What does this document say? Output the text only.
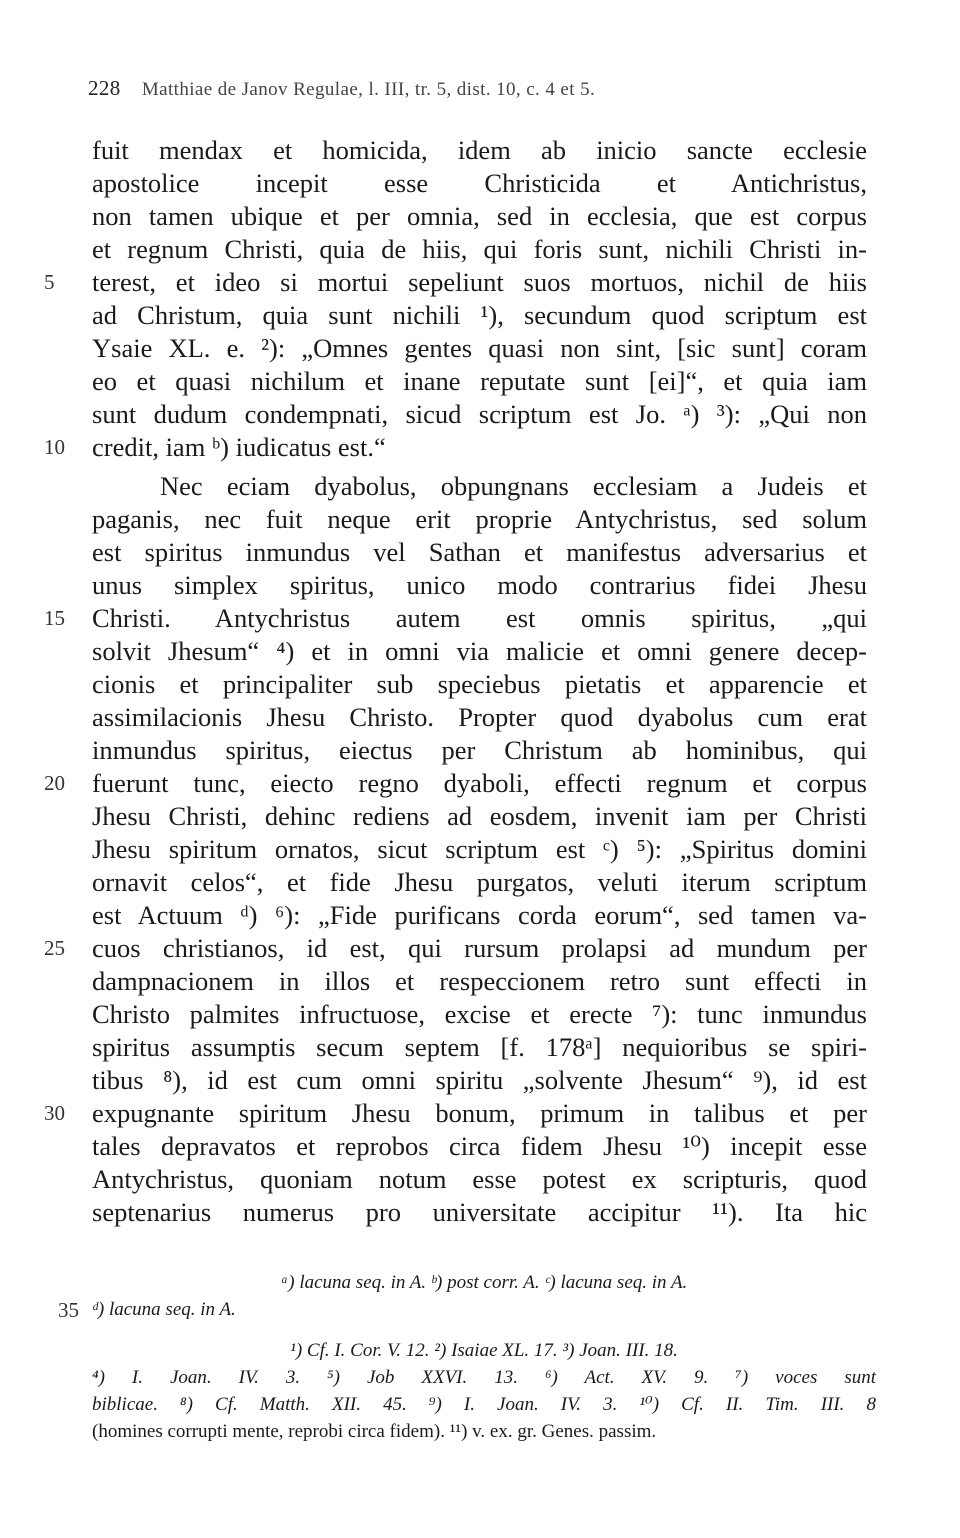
228 Matthiae de Janov Regulae, l. III, tr. 5, dist. 10, c. 4 et 5.
fuit mendax et homicida, idem ab inicio sancte ecclesie
apostolice incepit esse Christicida et Antichristus,
non tamen ubique et per omnia, sed in ecclesia, que est corpus
et regnum Christi, quia de hiis, qui foris sunt, nichili Christi in-
terest, et ideo si mortui sepeliunt suos mortuos, nichil de hiis
ad Christum, quia sunt nichili ¹), secundum quod scriptum est
Ysaie XL. e. ²): „Omnes gentes quasi non sint, [sic sunt] coram
eo et quasi nichilum et inane reputate sunt [ei]“, et quia iam
sunt dudum condempnati, sicud scriptum est Jo. ᵃ) ³): „Qui non
credit, iam ᵇ) iudicatus est.“
Nec eciam dyabolus, obpungnans ecclesiam a Judeis et
paganis, nec fuit neque erit proprie Antychristus, sed solum
est spiritus inmundus vel Sathan et manifestus adversarius et
unus simplex spiritus, unico modo contrarius fidei Jhesu
Christi. Antychristus autem est omnis spiritus, „qui
solvit Jhesum“ ⁴) et in omni via malicie et omni genere decep-
cionis et principaliter sub speciebus pietatis et apparencie et
assimilacionis Jhesu Christo. Propter quod dyabolus cum erat
inmundus spiritus, eiectus per Christum ab hominibus, qui
fuerunt tunc, eiecto regno dyaboli, effecti regnum et corpus
Jhesu Christi, dehinc rediens ad eosdem, invenit iam per Christi
Jhesu spiritum ornatos, sicut scriptum est ᶜ) ⁵): „Spiritus domini
ornavit celos“, et fide Jhesu purgatos, veluti iterum scriptum
est Actuum ᵈ) ⁶): „Fide purificans corda eorum“, sed tamen va-
cuos christianos, id est, qui rursum prolapsi ad mundum per
dampnacionem in illos et respeccionem retro sunt effecti in
Christo palmites infructuose, excise et erecte ⁷): tunc inmundus
spiritus assumptis secum septem [f. 178ᵃ] nequioribus se spiri-
tibus ⁸), id est cum omni spiritu „solvente Jhesum“ ⁹), id est
expugnante spiritum Jhesu bonum, primum in talibus et per
tales depravatos et reprobos circa fidem Jhesu ¹⁰) incepit esse
Antychristus, quoniam notum esse potest ex scripturis, quod
septenarius numerus pro universitate accipitur ¹¹). Ita hic
5
10
15
20
25
30
ᵃ) lacuna seq. in A. ᵇ) post corr. A. ᶜ) lacuna seq. in A.
35 ᵈ) lacuna seq. in A.
¹) Cf. I. Cor. V. 12. ²) Isaiae XL. 17. ³) Joan. III. 18.
⁴) I. Joan. IV. 3. ⁵) Job XXVI. 13. ⁶) Act. XV. 9. ⁷) voces sunt
biblicae. ⁸) Cf. Matth. XII. 45. ⁹) I. Joan. IV. 3. ¹⁰) Cf. II. Tim. III. 8
(homines corrupti mente, reprobi circa fidem). ¹¹) v. ex. gr. Genes. passim.
